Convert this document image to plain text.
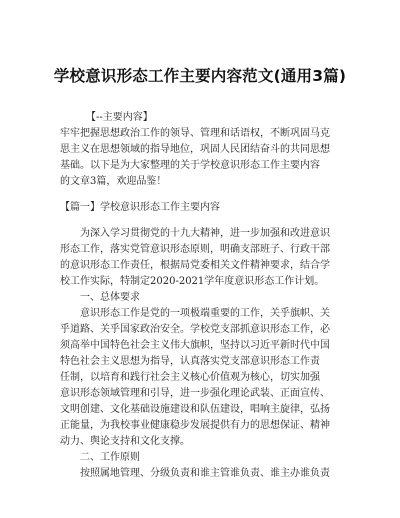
学校意识形态工作主要内容范文(通用3篇)
【--主要内容】
牢牢把握思想政治工作的领导、管理和话语权，不断巩固马克
思主义在思想领域的指导地位，巩固人民团结奋斗的共同思想
基础。以下是为大家整理的关于学校意识形态工作主要内容
的文章3篇，欢迎品鉴！
【篇一】学校意识形态工作主要内容
为深入学习贯彻党的十九大精神，进一步加强和改进意识
形态工作，落实党管意识形态原则，明确支部班子、行政干部
的意识形态工作责任，根据局党委相关文件精神要求，结合学
校工作实际，特制定2020-2021学年度意识形态工作计划。
一、总体要求
意识形态工作是党的一项极端重要的工作，关乎旗帜、关
乎道路、关乎国家政治安全。学校党支部抓意识形态工作，必
须高举中国特色社会主义伟大旗帜，坚持以习近平新时代中国
特色社会主义思想为指导，认真落实党支部意识形态工作责
任制，以培育和践行社会主义核心价值观为核心，切实加强
意识形态领域管理和引导，进一步强化理论武装、正面宣传、
文明创建、文化基础设施建设和队伍建设，唱响主旋律，弘扬
正能量，为我校事业健康稳步发展提供有力的思想保证、精神
动力、舆论支持和文化支撑。
二、工作原则
按照属地管理、分级负责和谁主管谁负责、谁主办谁负责
